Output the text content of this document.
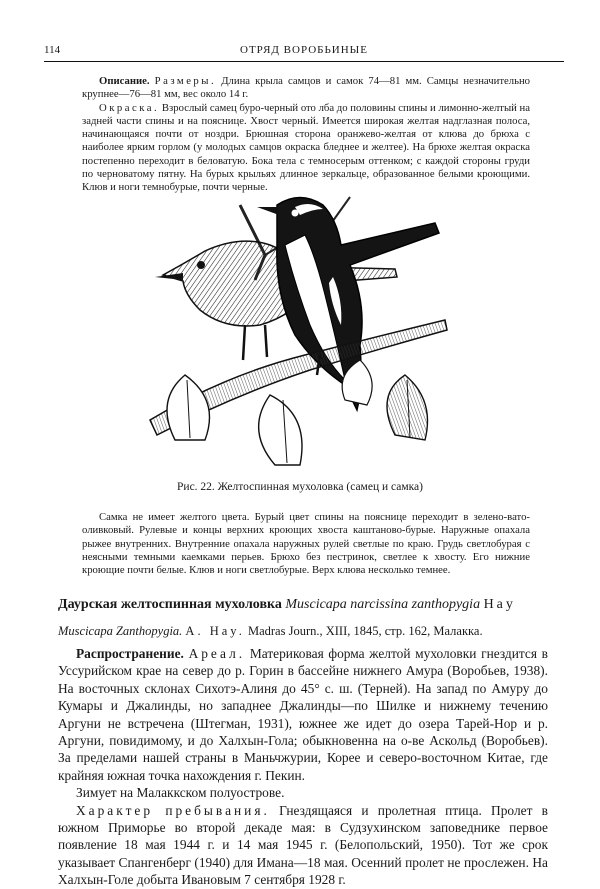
114	ОТРЯД ВОРОБЬИНЫЕ

Описание. Размеры. Длина крыла самцов и самок 74—81 мм. Самцы незначительно крупнее—76—81 мм, вес около 14 г.

Окраска. Взрослый самец буро-черный ото лба до половины спины и лимонно-желтый на задней части спины и на пояснице. Хвост черный. Имеется широкая желтая надглазная полоса, начинающаяся почти от ноздри. Брюшная сторона оранжево-желтая от клюва до брюха с наиболее ярким горлом (у молодых самцов окраска бледнее и желтее). На брюхе желтая окраска постепенно переходит в беловатую. Бока тела с темносерым оттенком; с каждой стороны груди по черноватому пятну. На бурых крыльях длинное зеркальце, образованное белыми кроющими. Клюв и ноги темнобурые, почти черные.

Рис. 22. Желтоспинная мухоловка (самец и самка)
Самка не имеет желтого цвета. Бурый цвет спины на пояснице переходит в зелено-вато-оливковый. Рулевые и концы верхних кроющих хвоста каштаново-бурые. Наружные опахала рыжее внутренних. Внутренние опахала наружных рулей светлые по краю. Грудь светлобурая с неясными темными каемками перьев. Брюхо без пестринок, светлее к хвосту. Его нижние кроющие почти белые. Клюв и ноги светлобурые. Верх клюва несколько темнее.
Даурская желтоспинная мухоловка Muscicapa narcissina zanthopygia Hay
Muscicapa Zanthopygia. A. Hay. Madras Journ., XIII, 1845, стр. 162, Малакка.

Распространение. Ареал. Материковая форма желтой мухоловки гнездится в Уссурийском крае на север до р. Горин в бассейне нижнего Амура (Воробьев, 1938). На восточных склонах Сихотэ-Алиня до 45° с. ш. (Терней). На запад по Амуру до Кумары и Джалинды, но западнее Джалинды—по Шилке и нижнему течению Аргуни не встречена (Штегман, 1931), южнее же идет до озера Тарей-Нор и р. Аргуни, повидимому, и до Халхын-Гола; обыкновенна на о-ве Аскольд (Воробьев). За пределами нашей страны в Маньчжурии, Корее и северо-восточном Китае, где крайняя южная точка нахождения г. Пекин.

Зимует на Малаккском полуострове.

Характер пребывания. Гнездящаяся и пролетная птица. Пролет в южном Приморье во второй декаде мая: в Судзухинском заповеднике первое появление 18 мая 1944 г. и 14 мая 1945 г. (Белопольский, 1950). Тот же срок указывает Спангенберг (1940) для Имана—18 мая. Осенний пролет не прослежен. На Халхын-Голе добыта Ивановым 7 сентября 1928 г.
